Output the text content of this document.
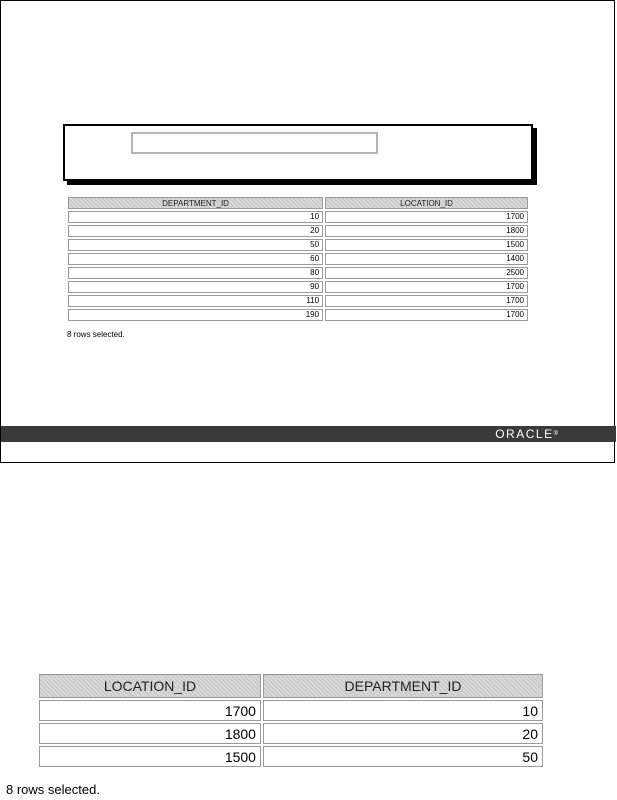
DEPARTMENT_ID	LOCATION_ID
10	1700
20	1800
50	1500
60	1400
80	2500
90	1700
110	1700
190	1700
8 rows selected.
ORACLE®
LOCATION_ID	DEPARTMENT_ID
1700	10
1800	20
1500	50
8 rows selected.
